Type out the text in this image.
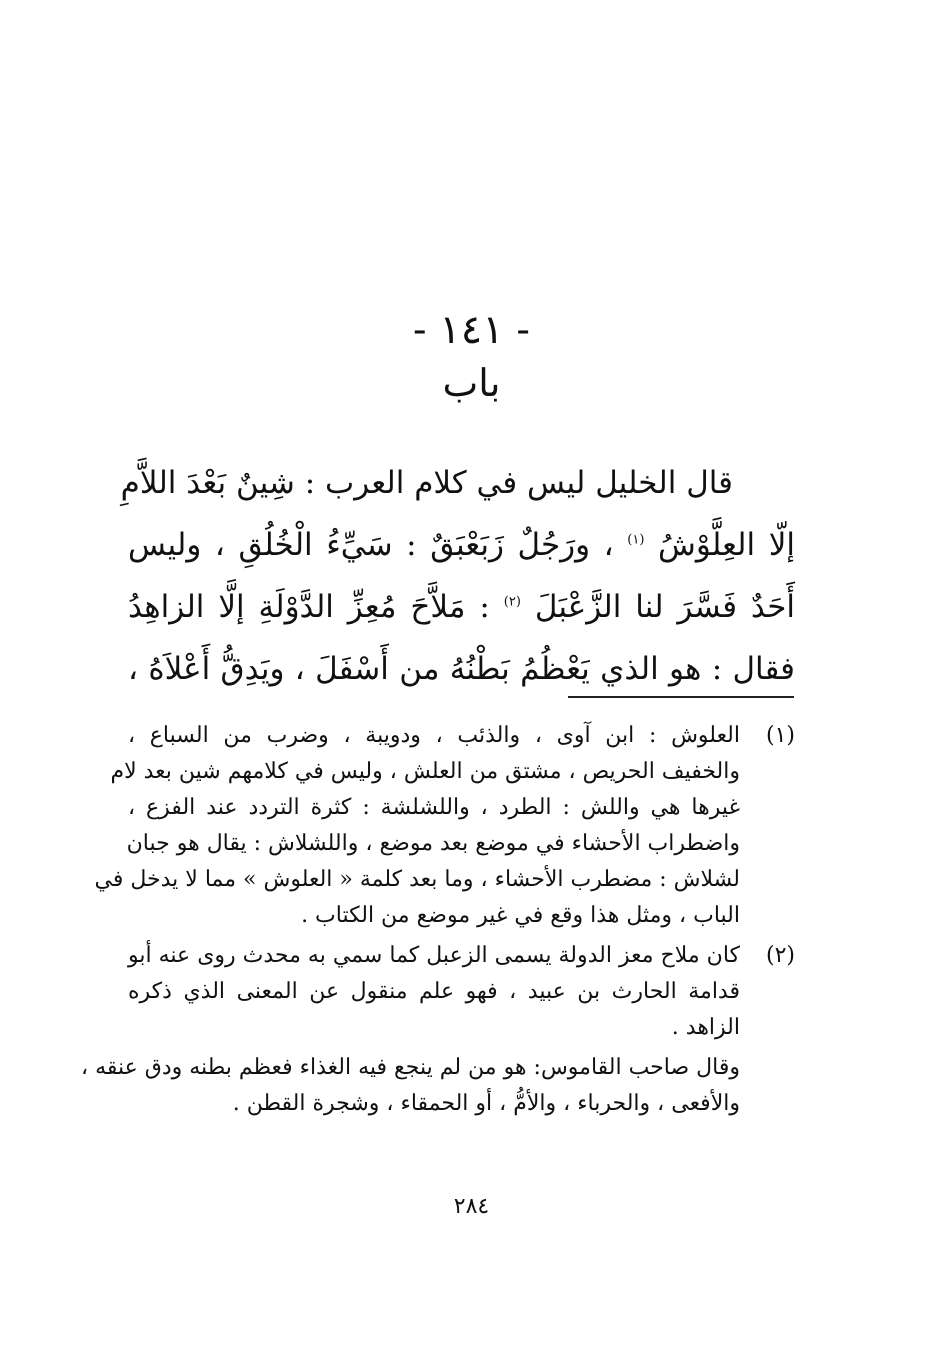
- ١٤١ -
باب
قال الخليل ليس في كلام العرب : شِينٌ بَعْدَ اللاَّمِ
إلّا العِلَّوْشُ $^{(١)}$ ، ورَجُلٌ زَبَعْبَقٌ : سَيِّءُ الْخُلُقِ ، وليس
أَحَدٌ فَسَّرَ لنا الزَّعْبَلَ $^{(٢)}$ : مَلاَّحَ مُعِزِّ الدَّوْلَةِ إلَّا الزاهِدُ
فقال : هو الذي يَعْظُمُ بَطْنُهُ من أَسْفَلَ ، ويَدِقُّ أَعْلاَهُ ،
(١)
العلوش : ابن آوى ، والذئب ، ودويبة ، وضرب من السباع ،
والخفيف الحريص ، مشتق من العلش ، وليس في كلامهم شين بعد لام
غيرها هي واللش : الطرد ، واللشلشة : كثرة التردد عند الفزع ،
واضطراب الأحشاء في موضع بعد موضع ، واللشلاش : يقال هو جبان
لشلاش : مضطرب الأحشاء ، وما بعد كلمة « العلوش » مما لا يدخل في
الباب ، ومثل هذا وقع في غير موضع من الكتاب .
(٢)
كان ملاح معز الدولة يسمى الزعبل كما سمي به محدث روى عنه أبو
قدامة الحارث بن عبيد ، فهو علم منقول عن المعنى الذي ذكره
الزاهد .
وقال صاحب القاموس: هو من لم ينجع فيه الغذاء فعظم بطنه ودق عنقه ،
والأفعى ، والحرباء ، والأمُّ ، أو الحمقاء ، وشجرة القطن .
٢٨٤
